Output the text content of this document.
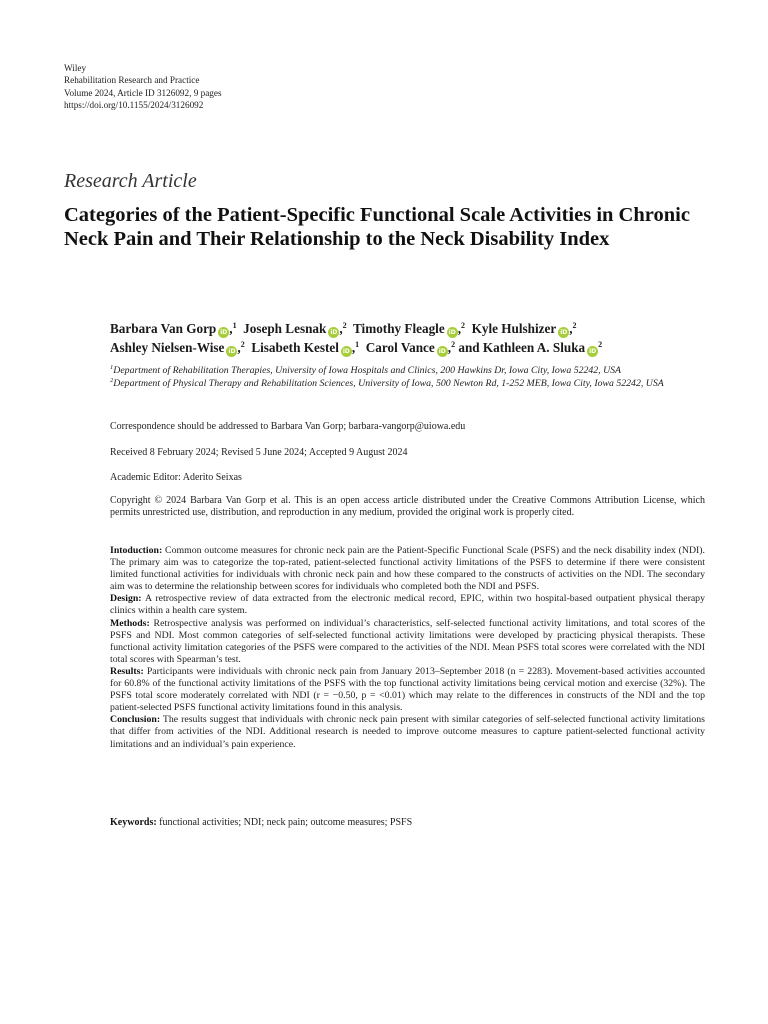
Wiley
Rehabilitation Research and Practice
Volume 2024, Article ID 3126092, 9 pages
https://doi.org/10.1155/2024/3126092
Research Article
Categories of the Patient-Specific Functional Scale Activities in Chronic Neck Pain and Their Relationship to the Neck Disability Index
Barbara Van Gorp iD ,$^1$ Joseph Lesnak iD ,$^2$ Timothy Fleagle iD ,$^2$ Kyle Hulshizer iD ,$^2$
Ashley Nielsen-Wise iD ,$^2$ Lisabeth Kestel iD ,$^1$ Carol Vance iD ,$^2$ and Kathleen A. Sluka $iD^2$
$^1$Department of Rehabilitation Therapies, University of Iowa Hospitals and Clinics, 200 Hawkins Dr, Iowa City, Iowa 52242, USA
$^2$Department of Physical Therapy and Rehabilitation Sciences, University of Iowa, 500 Newton Rd, 1-252 MEB, Iowa City, Iowa 52242, USA
Correspondence should be addressed to Barbara Van Gorp; barbara-vangorp@uiowa.edu
Received 8 February 2024; Revised 5 June 2024; Accepted 9 August 2024
Academic Editor: Aderito Seixas
Copyright © 2024 Barbara Van Gorp et al. This is an open access article distributed under the Creative Commons Attribution License, which permits unrestricted use, distribution, and reproduction in any medium, provided the original work is properly cited.

Intoduction: Common outcome measures for chronic neck pain are the Patient-Specific Functional Scale (PSFS) and the neck disability index (NDI). The primary aim was to categorize the top-rated, patient-selected functional activity limitations of the PSFS to determine if there were consistent limited functional activities for individuals with chronic neck pain and how these compared to the constructs of activities on the NDI. The secondary aim was to determine the relationship between scores for individuals who completed both the NDI and PSFS.

Design: A retrospective review of data extracted from the electronic medical record, EPIC, within two hospital-based outpatient physical therapy clinics within a health care system.

Methods: Retrospective analysis was performed on individual’s characteristics, self-selected functional activity limitations, and total scores of the PSFS and NDI. Most common categories of self-selected functional activity limitations were developed by practicing physical therapists. These functional activity limitation categories of the PSFS were compared to the activities of the NDI. Mean PSFS total scores were correlated with the NDI total scores with Spearman’s test.

Results: Participants were individuals with chronic neck pain from January 2013–September 2018 (n = 2283). Movement-based activities accounted for 60.8% of the functional activity limitations of the PSFS with the top functional activity limitations being cervical motion and exercise (32%). The PSFS total score moderately correlated with NDI (r = −0.50, p = <0.01) which may relate to the differences in constructs of the NDI and the top patient-selected PSFS functional activity limitations found in this analysis.

Conclusion: The results suggest that individuals with chronic neck pain present with similar categories of self-selected functional activity limitations that differ from activities of the NDI. Additional research is needed to improve outcome measures to capture patient-selected functional activity limitations and an individual’s pain experience.

Keywords: functional activities; NDI; neck pain; outcome measures; PSFS
